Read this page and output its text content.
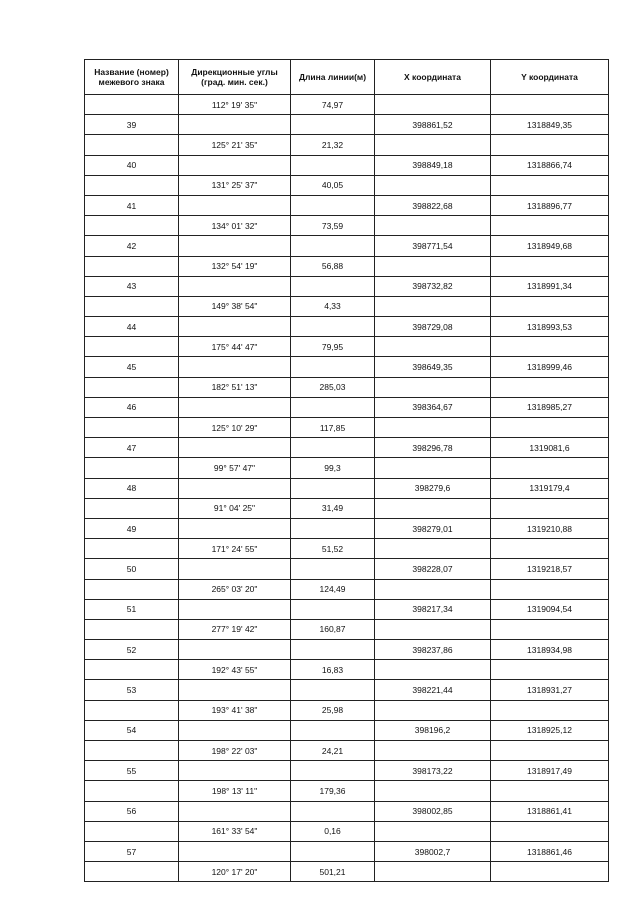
Название (номер) межевого знака	Дирекционные углы (град. мин. сек.)	Длина линии(м)	X координата	Y координата
	112° 19' 35"	74,97		
39			398861,52	1318849,35
	125° 21' 35"	21,32		
40			398849,18	1318866,74
	131° 25' 37"	40,05		
41			398822,68	1318896,77
	134° 01' 32"	73,59		
42			398771,54	1318949,68
	132° 54' 19"	56,88		
43			398732,82	1318991,34
	149° 38' 54"	4,33		
44			398729,08	1318993,53
	175° 44' 47"	79,95		
45			398649,35	1318999,46
	182° 51' 13"	285,03		
46			398364,67	1318985,27
	125° 10' 29"	117,85		
47			398296,78	1319081,6
	99° 57' 47"	99,3		
48			398279,6	1319179,4
	91° 04' 25"	31,49		
49			398279,01	1319210,88
	171° 24' 55"	51,52		
50			398228,07	1319218,57
	265° 03' 20"	124,49		
51			398217,34	1319094,54
	277° 19' 42"	160,87		
52			398237,86	1318934,98
	192° 43' 55"	16,83		
53			398221,44	1318931,27
	193° 41' 38"	25,98		
54			398196,2	1318925,12
	198° 22' 03"	24,21		
55			398173,22	1318917,49
	198° 13' 11"	179,36		
56			398002,85	1318861,41
	161° 33' 54"	0,16		
57			398002,7	1318861,46
	120° 17' 20"	501,21		
